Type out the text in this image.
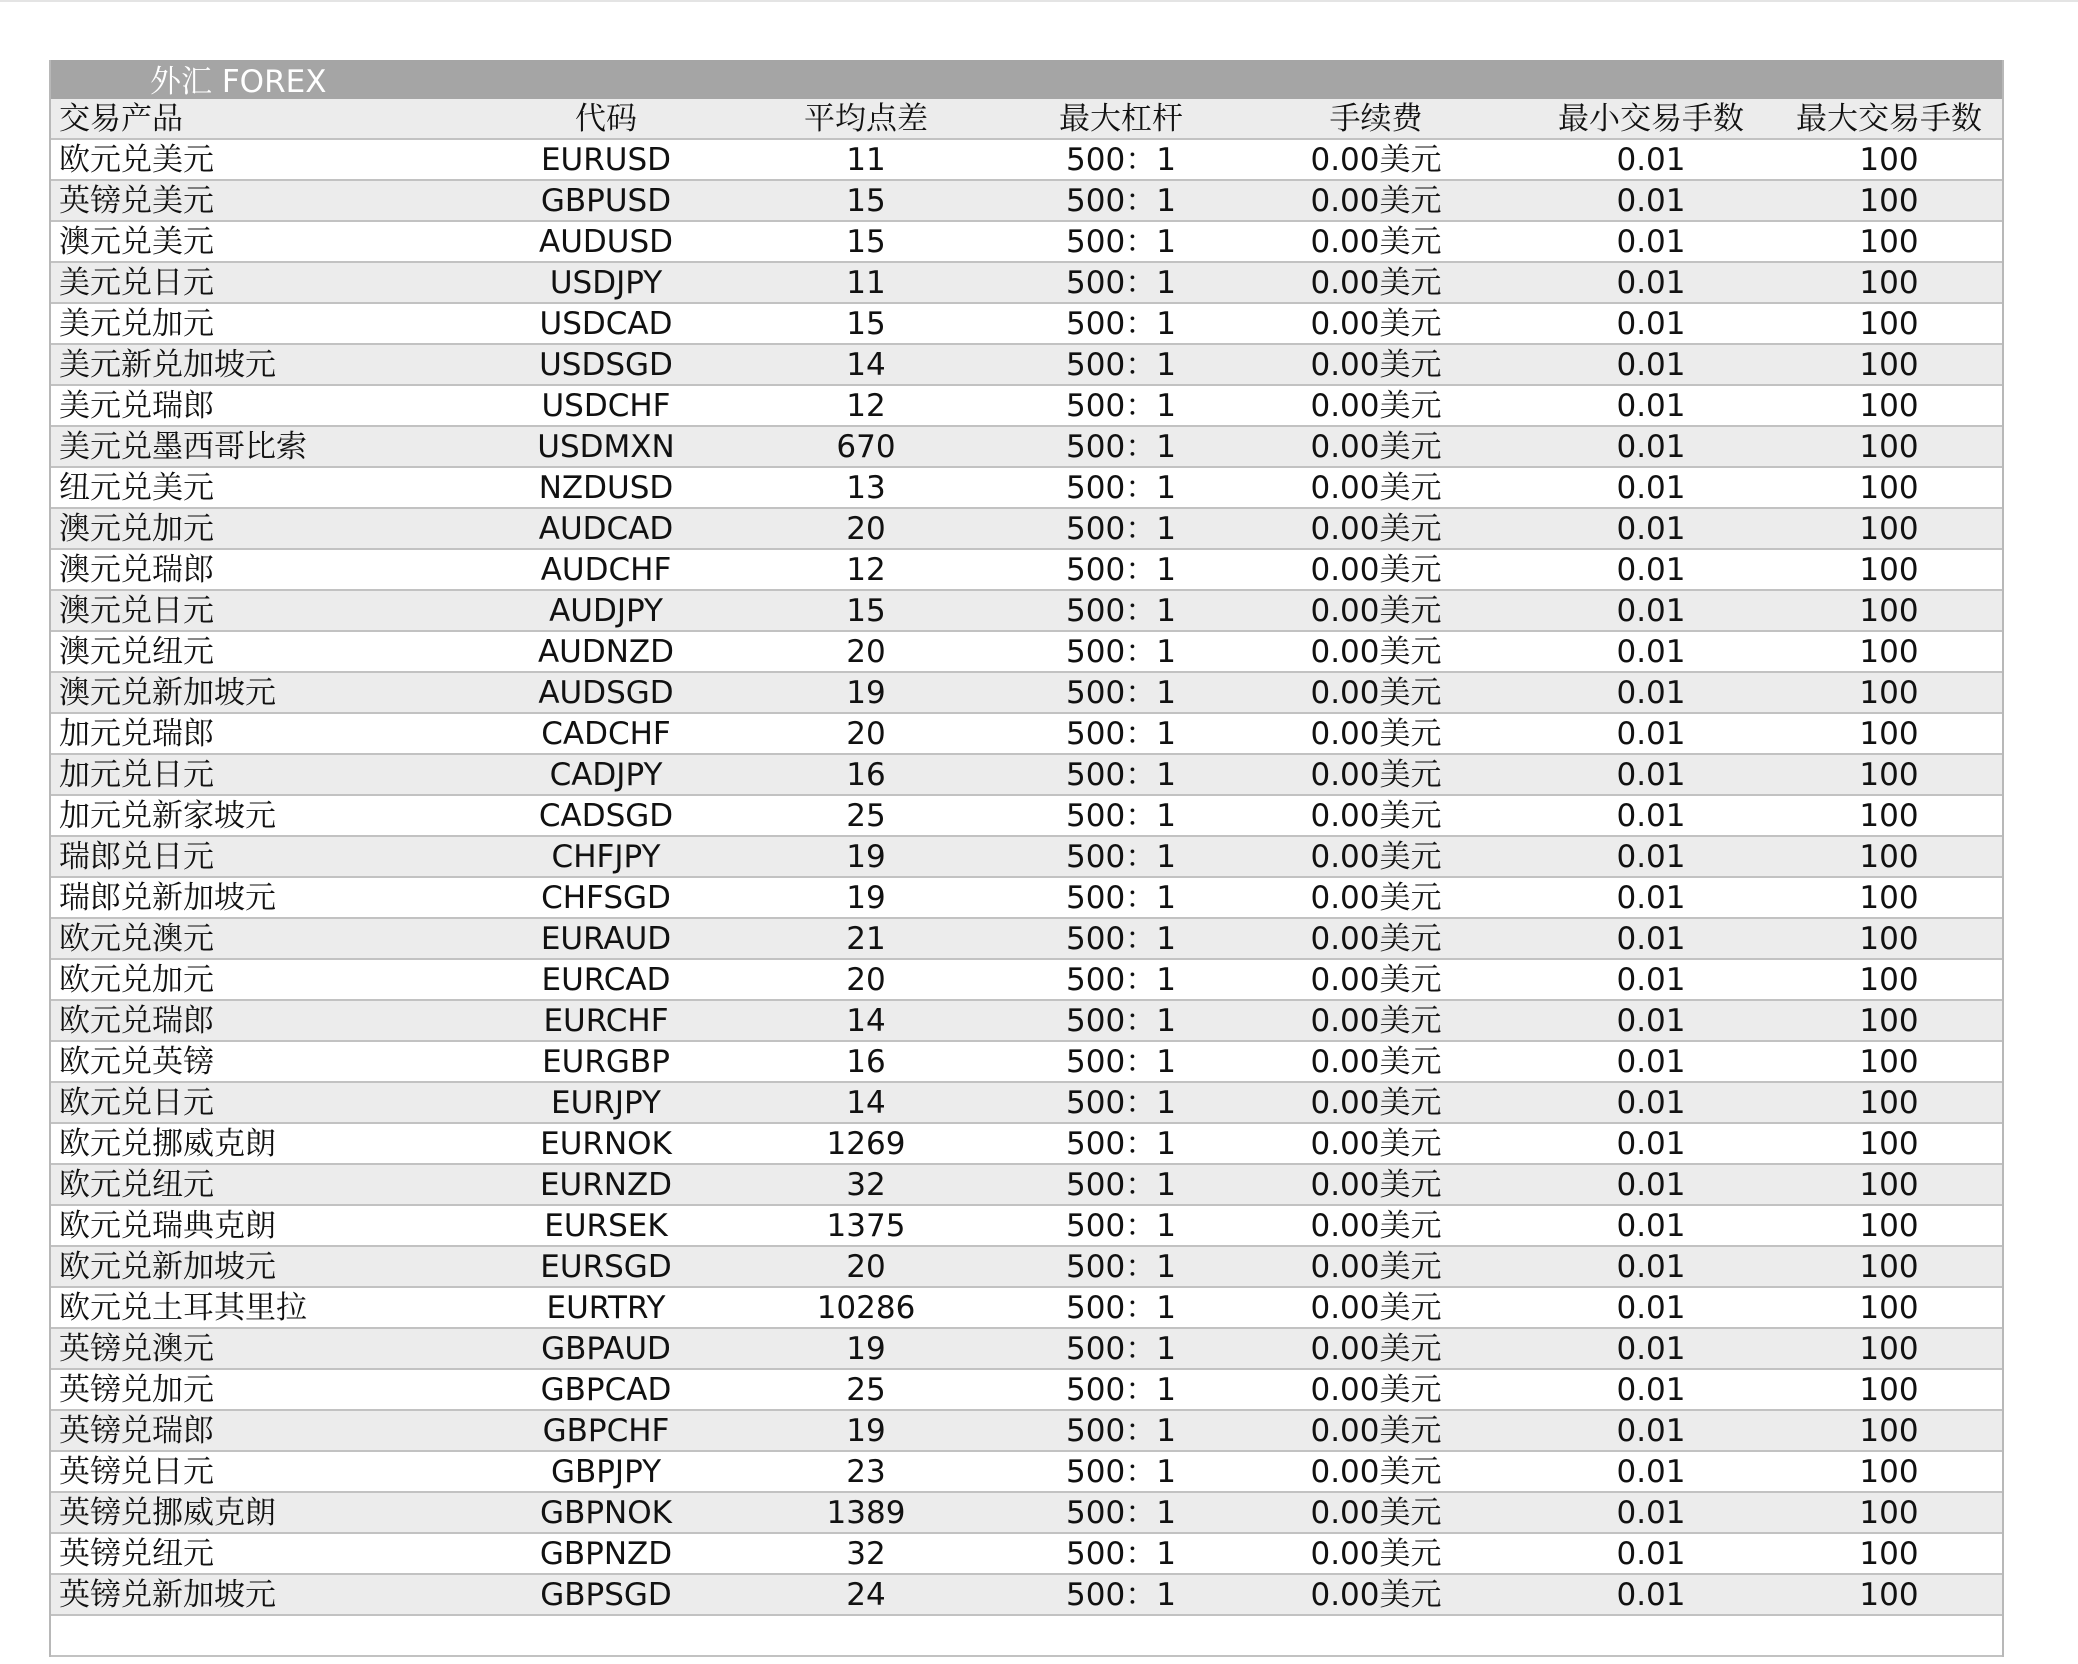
外汇 FOREX
交易产品	代码	平均点差	最大杠杆	手续费	最小交易手数	最大交易手数
欧元兑美元	EURUSD	11	500：1	0.00美元	0.01	100
英镑兑美元	GBPUSD	15	500：1	0.00美元	0.01	100
澳元兑美元	AUDUSD	15	500：1	0.00美元	0.01	100
美元兑日元	USDJPY	11	500：1	0.00美元	0.01	100
美元兑加元	USDCAD	15	500：1	0.00美元	0.01	100
美元新兑加坡元	USDSGD	14	500：1	0.00美元	0.01	100
美元兑瑞郎	USDCHF	12	500：1	0.00美元	0.01	100
美元兑墨西哥比索	USDMXN	670	500：1	0.00美元	0.01	100
纽元兑美元	NZDUSD	13	500：1	0.00美元	0.01	100
澳元兑加元	AUDCAD	20	500：1	0.00美元	0.01	100
澳元兑瑞郎	AUDCHF	12	500：1	0.00美元	0.01	100
澳元兑日元	AUDJPY	15	500：1	0.00美元	0.01	100
澳元兑纽元	AUDNZD	20	500：1	0.00美元	0.01	100
澳元兑新加坡元	AUDSGD	19	500：1	0.00美元	0.01	100
加元兑瑞郎	CADCHF	20	500：1	0.00美元	0.01	100
加元兑日元	CADJPY	16	500：1	0.00美元	0.01	100
加元兑新家坡元	CADSGD	25	500：1	0.00美元	0.01	100
瑞郎兑日元	CHFJPY	19	500：1	0.00美元	0.01	100
瑞郎兑新加坡元	CHFSGD	19	500：1	0.00美元	0.01	100
欧元兑澳元	EURAUD	21	500：1	0.00美元	0.01	100
欧元兑加元	EURCAD	20	500：1	0.00美元	0.01	100
欧元兑瑞郎	EURCHF	14	500：1	0.00美元	0.01	100
欧元兑英镑	EURGBP	16	500：1	0.00美元	0.01	100
欧元兑日元	EURJPY	14	500：1	0.00美元	0.01	100
欧元兑挪威克朗	EURNOK	1269	500：1	0.00美元	0.01	100
欧元兑纽元	EURNZD	32	500：1	0.00美元	0.01	100
欧元兑瑞典克朗	EURSEK	1375	500：1	0.00美元	0.01	100
欧元兑新加坡元	EURSGD	20	500：1	0.00美元	0.01	100
欧元兑土耳其里拉	EURTRY	10286	500：1	0.00美元	0.01	100
英镑兑澳元	GBPAUD	19	500：1	0.00美元	0.01	100
英镑兑加元	GBPCAD	25	500：1	0.00美元	0.01	100
英镑兑瑞郎	GBPCHF	19	500：1	0.00美元	0.01	100
英镑兑日元	GBPJPY	23	500：1	0.00美元	0.01	100
英镑兑挪威克朗	GBPNOK	1389	500：1	0.00美元	0.01	100
英镑兑纽元	GBPNZD	32	500：1	0.00美元	0.01	100
英镑兑新加坡元	GBPSGD	24	500：1	0.00美元	0.01	100
